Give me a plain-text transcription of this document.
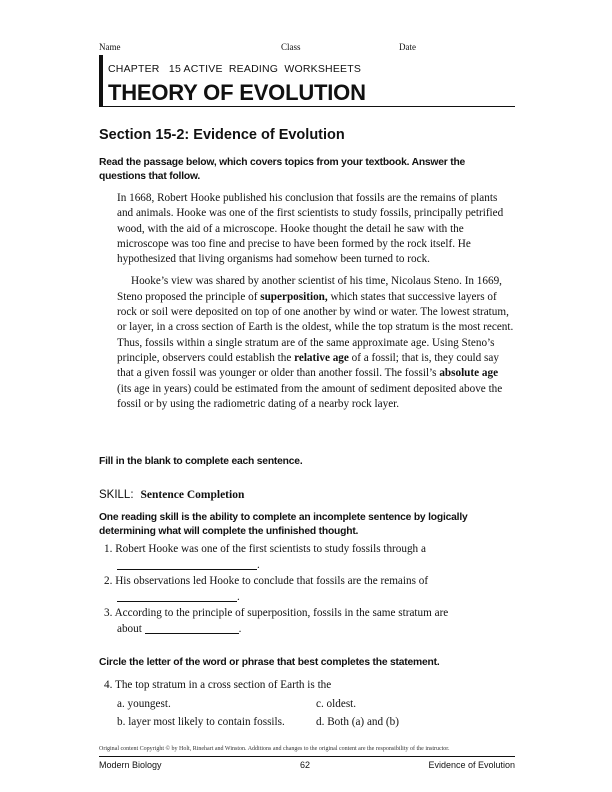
Name	Class	Date
CHAPTER   15 ACTIVE  READING  WORKSHEETS
THEORY OF EVOLUTION
Section 15-2: Evidence of Evolution
Read the passage below, which covers topics from your textbook. Answer the questions that follow.

In 1668, Robert Hooke published his conclusion that fossils are the remains of plants and animals. Hooke was one of the first scientists to study fossils, principally petrified wood, with the aid of a microscope. Hooke thought the detail he saw with the microscope was too fine and precise to have been formed by the rock itself. He hypothesized that living organisms had somehow been turned to rock.

Hooke’s view was shared by another scientist of his time, Nicolaus Steno. In 1669, Steno proposed the principle of superposition, which states that successive layers of rock or soil were deposited on top of one another by wind or water. The lowest stratum, or layer, in a cross section of Earth is the oldest, while the top stratum is the most recent. Thus, fossils within a single stratum are of the same approximate age. Using Steno’s principle, observers could establish the relative age of a fossil; that is, they could say that a given fossil was younger or older than another fossil. The fossil’s absolute age (its age in years) could be estimated from the amount of sediment deposited above the fossil or by using the radiometric dating of a nearby rock layer.

Fill in the blank to complete each sentence.
SKILL: Sentence Completion
One reading skill is the ability to complete an incomplete sentence by logically determining what will complete the unfinished thought.
1. Robert Hooke was one of the first scientists to study fossils through a
.
2. His observations led Hooke to conclude that fossils are the remains of
.
3. According to the principle of superposition, fossils in the same stratum are
about	.
Circle the letter of the word or phrase that best completes the statement.
4. The top stratum in a cross section of Earth is the
a. youngest.	c. oldest.
b. layer most likely to contain fossils.	d. Both (a) and (b)
Original content Copyright © by Holt, Rinehart and Winston. Additions and changes to the original content are the responsibility of the instructor.
Modern Biology	62	Evidence of Evolution
